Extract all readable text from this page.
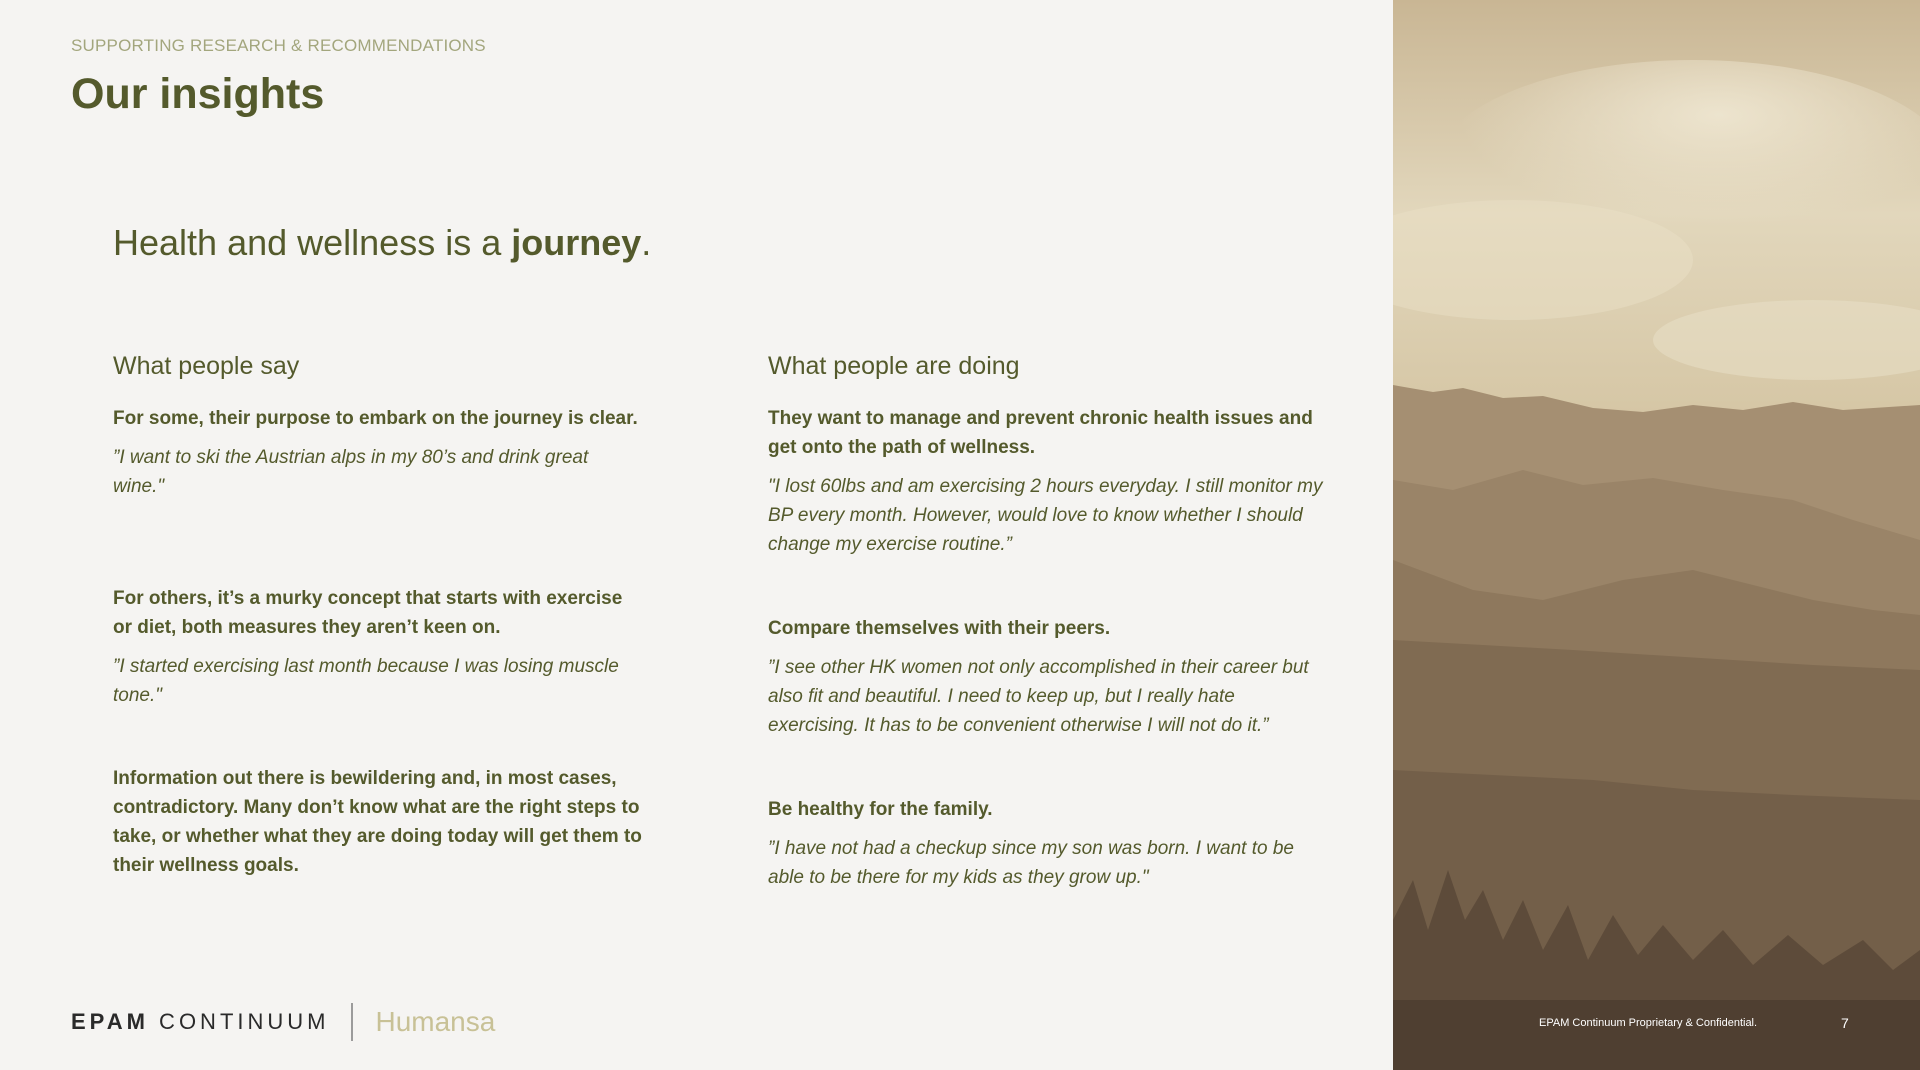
SUPPORTING RESEARCH & RECOMMENDATIONS
Our insights
Health and wellness is a journey.
What people say

For some, their purpose to embark on the journey is clear.

”I want to ski the Austrian alps in my 80’s and drink great wine."

For others, it’s a murky concept that starts with exercise or diet, both measures they aren’t keen on.

”I started exercising last month because I was losing muscle tone."

Information out there is bewildering and, in most cases, contradictory. Many don’t know what are the right steps to take, or whether what they are doing today will get them to their wellness goals.

What people are doing

They want to manage and prevent chronic health issues and get onto the path of wellness.

"I lost 60lbs and am exercising 2 hours everyday. I still monitor my BP every month. However, would love to know whether I should change my exercise routine.”

Compare themselves with their peers.

”I see other HK women not only accomplished in their career but also fit and beautiful. I need to keep up, but I really hate exercising. It has to be convenient otherwise I will not do it.”

Be healthy for the family.

”I have not had a checkup since my son was born. I want to be able to be there for my kids as they grow up."

EPAM CONTINUUM Humansa	EPAM Continuum Proprietary & Confidential.	7
